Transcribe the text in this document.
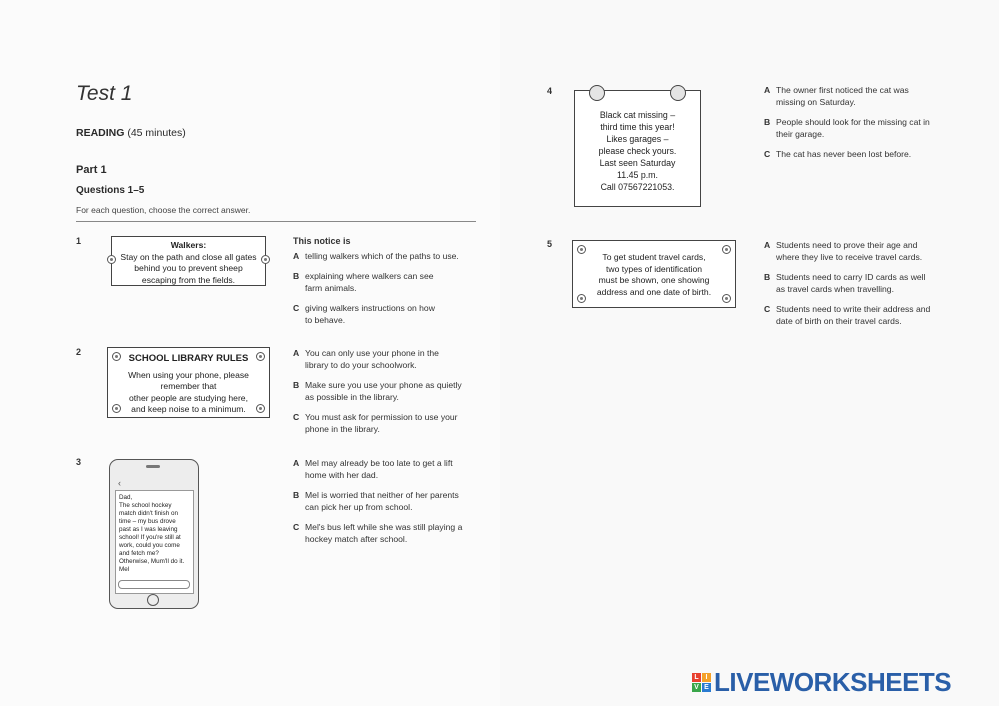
Test 1
READING (45 minutes)
Part 1
Questions 1–5
For each question, choose the correct answer.
1	Walkers:
Stay on the path and close all gates
behind you to prevent sheep
escaping from the fields.
This notice is
A telling walkers which of the paths to use.
B explaining where walkers can see
farm animals.
C giving walkers instructions on how
to behave.
2
SCHOOL LIBRARY RULES
When using your phone, please
remember that
other people are studying here,
and keep noise to a minimum.
A You can only use your phone in the
library to do your schoolwork.
B Make sure you use your phone as quietly
as possible in the library.
C You must ask for permission to use your
phone in the library.
3
‹
Dad,
The school hockey
match didn't finish on
time – my bus drove
past as I was leaving
school! If you're still at
work, could you come
and fetch me?
Otherwise, Mum'll do it.
Mel
A Mel may already be too late to get a lift
home with her dad.
B Mel is worried that neither of her parents
can pick her up from school.
C Mel's bus left while she was still playing a
hockey match after school.
4
Black cat missing –
third time this year!
Likes garages –
please check yours.
Last seen Saturday
11.45 p.m.
Call 07567221053.
A The owner first noticed the cat was
missing on Saturday.
B People should look for the missing cat in
their garage.
C The cat has never been lost before.
5
To get student travel cards,
two types of identification
must be shown, one showing
address and one date of birth.
A Students need to prove their age and
where they live to receive travel cards.
B Students need to carry ID cards as well
as travel cards when travelling.
C Students need to write their address and
date of birth on their travel cards.
L I
V E LIVEWORKSHEETS
